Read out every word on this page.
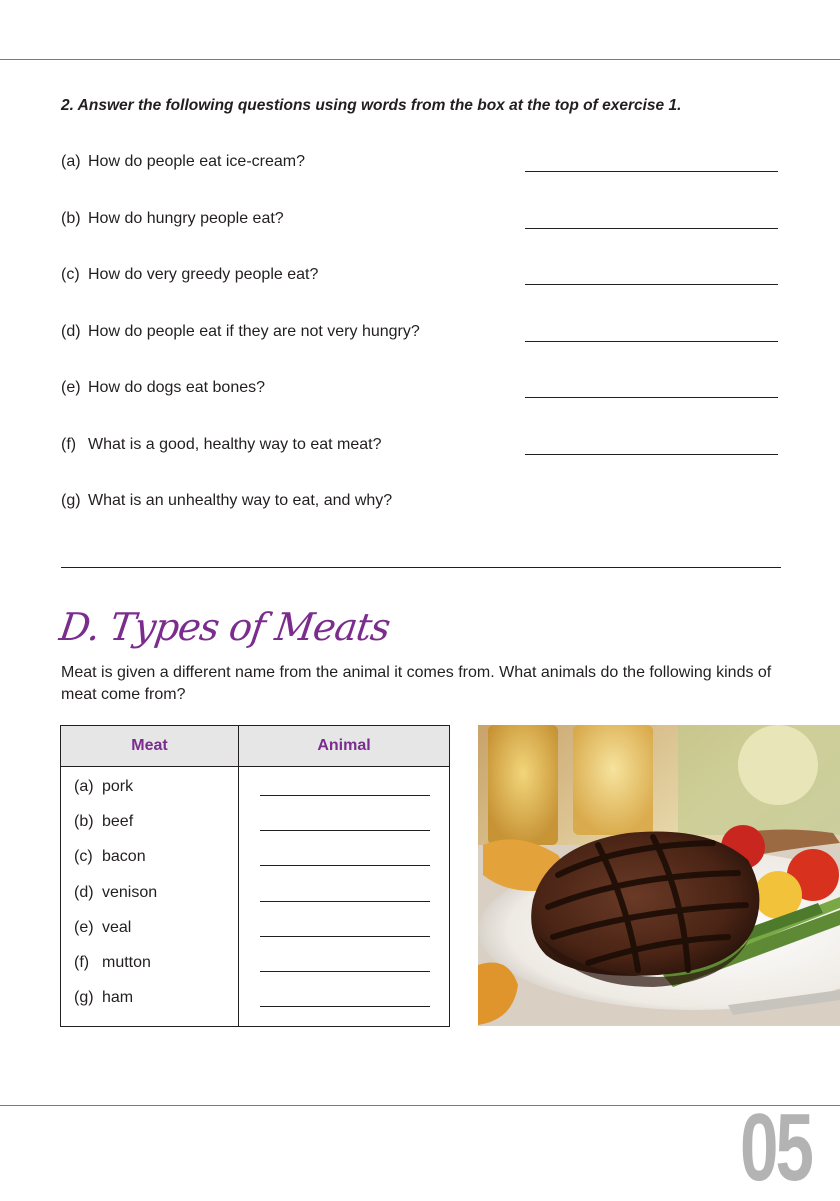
2. Answer the following questions using words from the box at the top of exercise 1.
(a) How do people eat ice-cream?
(b) How do hungry people eat?
(c) How do very greedy people eat?
(d) How do people eat if they are not very hungry?
(e) How do dogs eat bones?
(f) What is a good, healthy way to eat meat?
(g) What is an unhealthy way to eat, and why?
D. Types of Meats
Meat is given a different name from the animal it comes from. What animals do the following kinds of meat come from?
Meat	Animal
(a) pork
(b) beef
(c) bacon
(d) venison
(e) veal
(f) mutton
(g) ham
05
